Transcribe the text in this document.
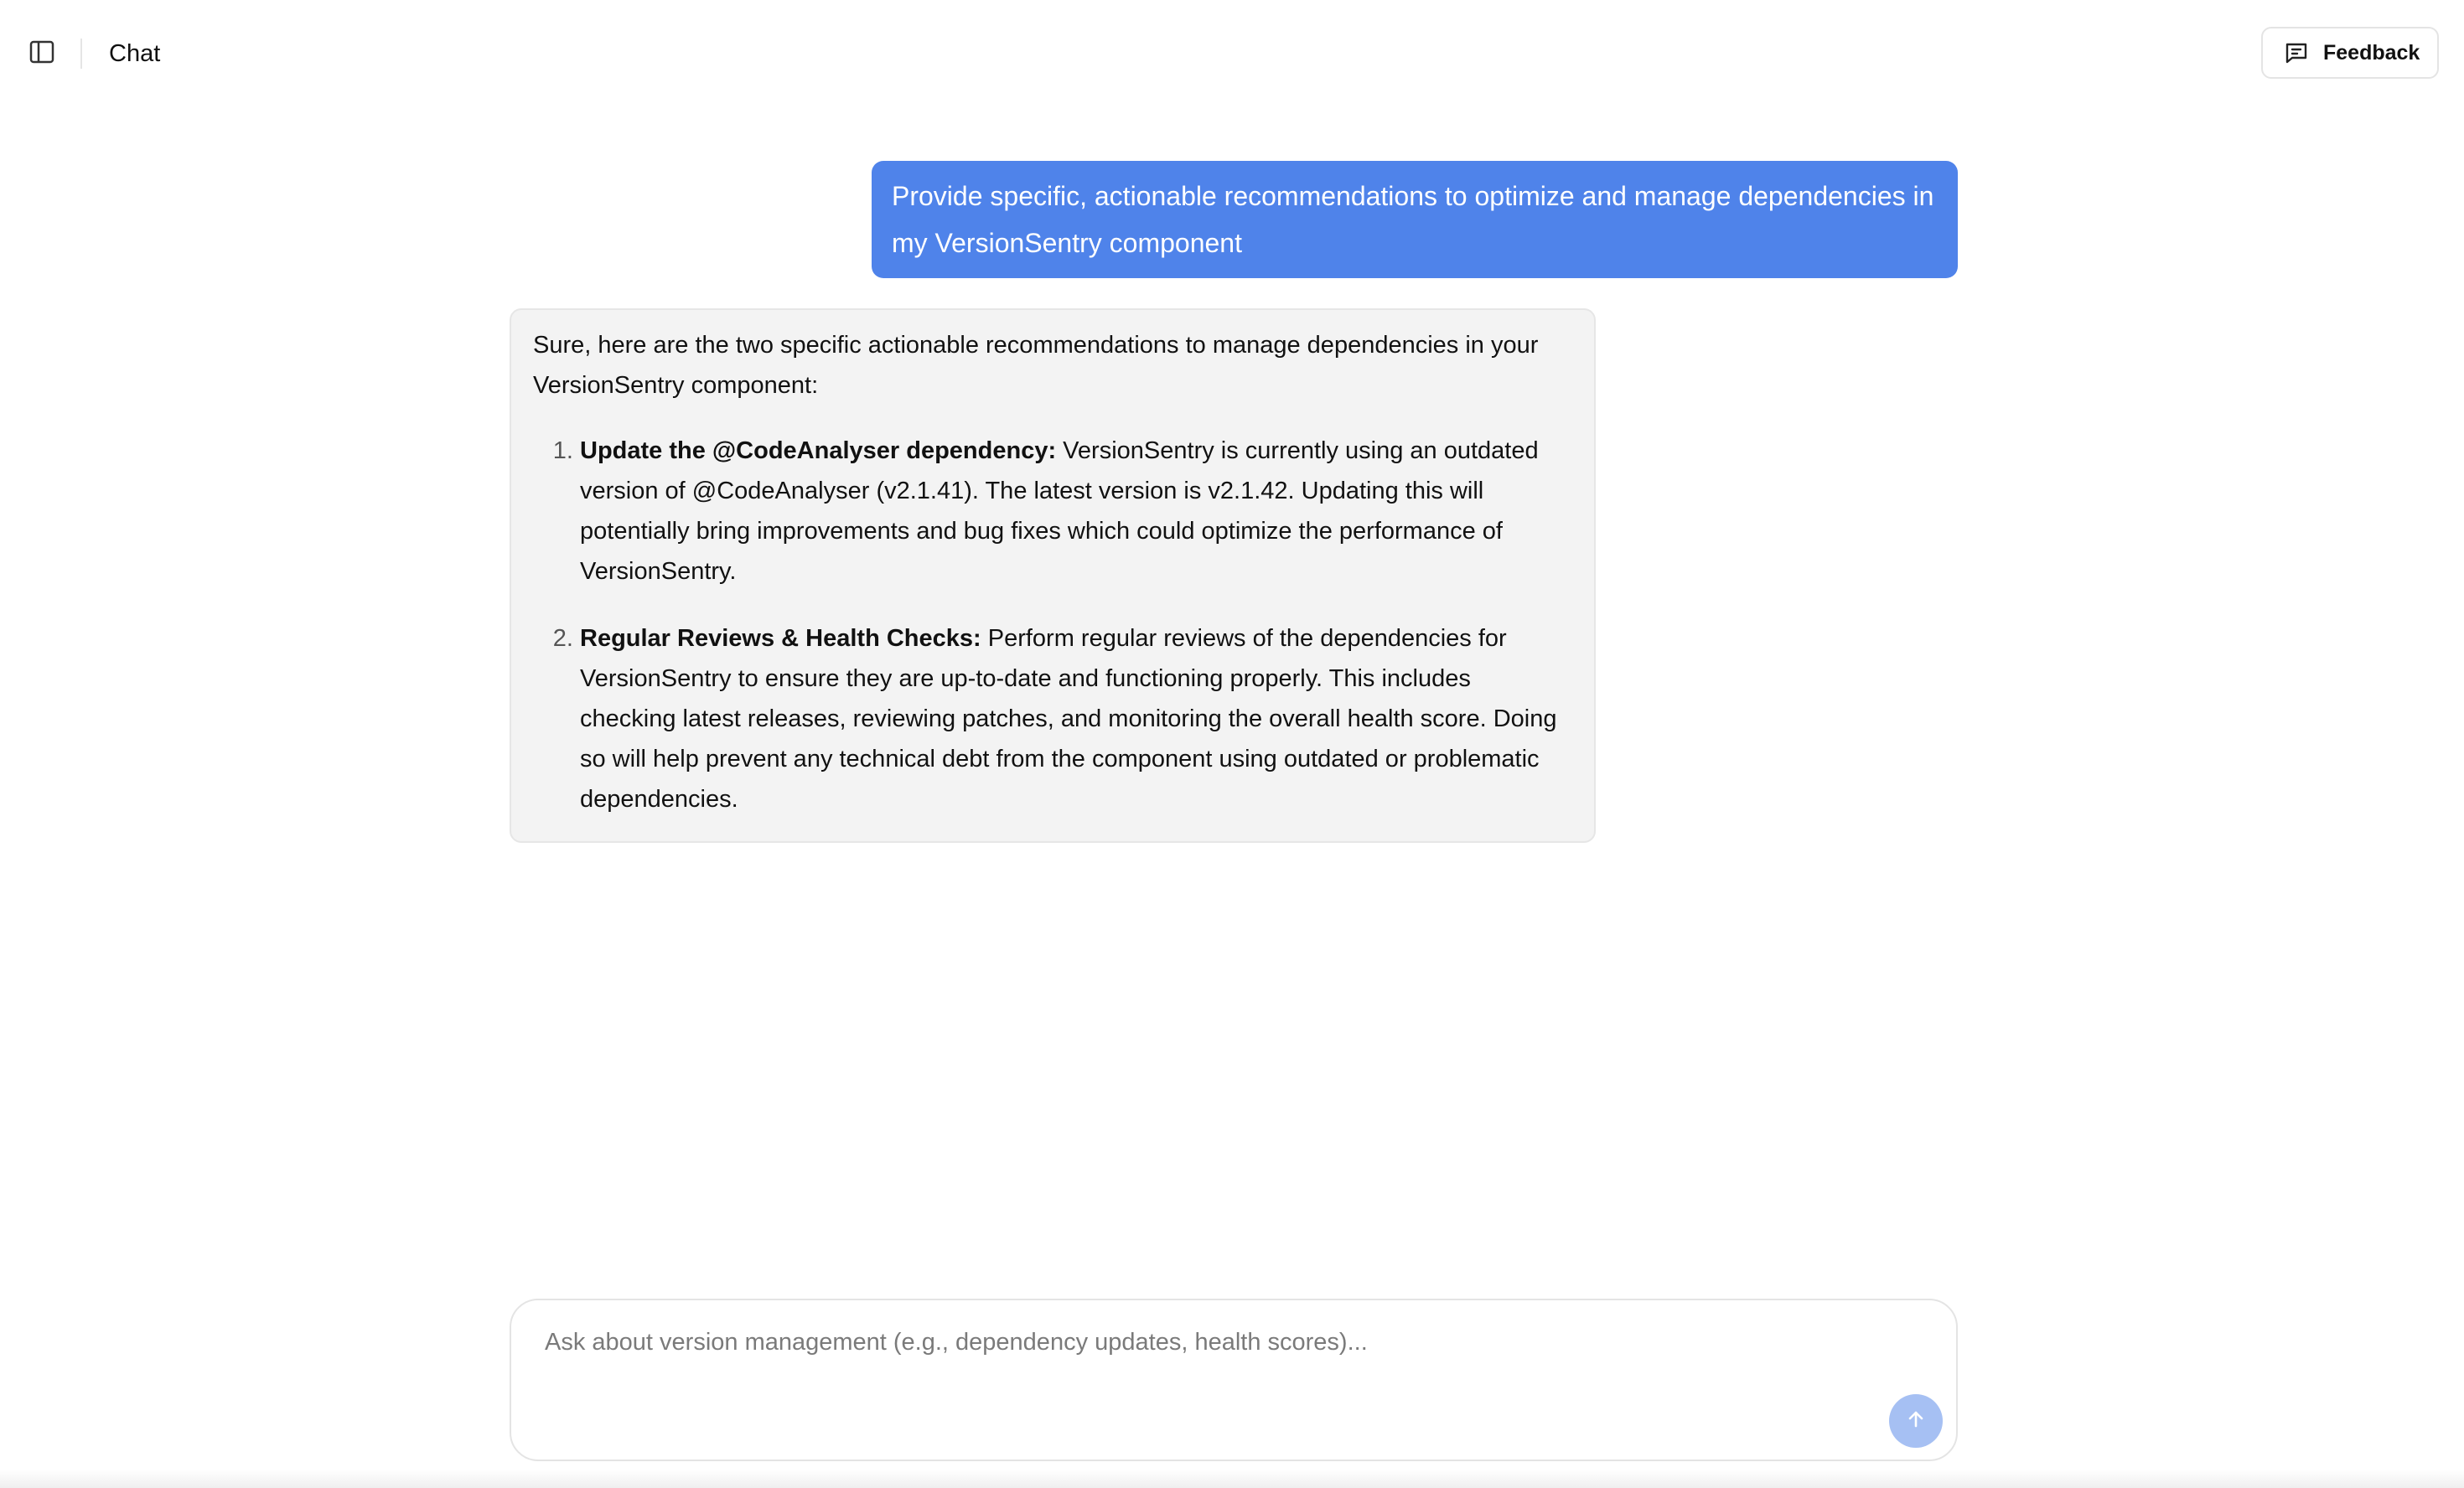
Chat	Feedback
Provide specific, actionable recommendations to optimize and manage dependencies in my VersionSentry component

Sure, here are the two specific actionable recommendations to manage dependencies in your VersionSentry component:

1. Update the @CodeAnalyser dependency: VersionSentry is currently using an outdated version of @CodeAnalyser (v2.1.41). The latest version is v2.1.42. Updating this will potentially bring improvements and bug fixes which could optimize the performance of VersionSentry.
2. Regular Reviews & Health Checks: Perform regular reviews of the dependencies for VersionSentry to ensure they are up-to-date and functioning properly. This includes checking latest releases, reviewing patches, and monitoring the overall health score. Doing so will help prevent any technical debt from the component using outdated or problematic dependencies.
Ask about version management (e.g., dependency updates, health scores)...
